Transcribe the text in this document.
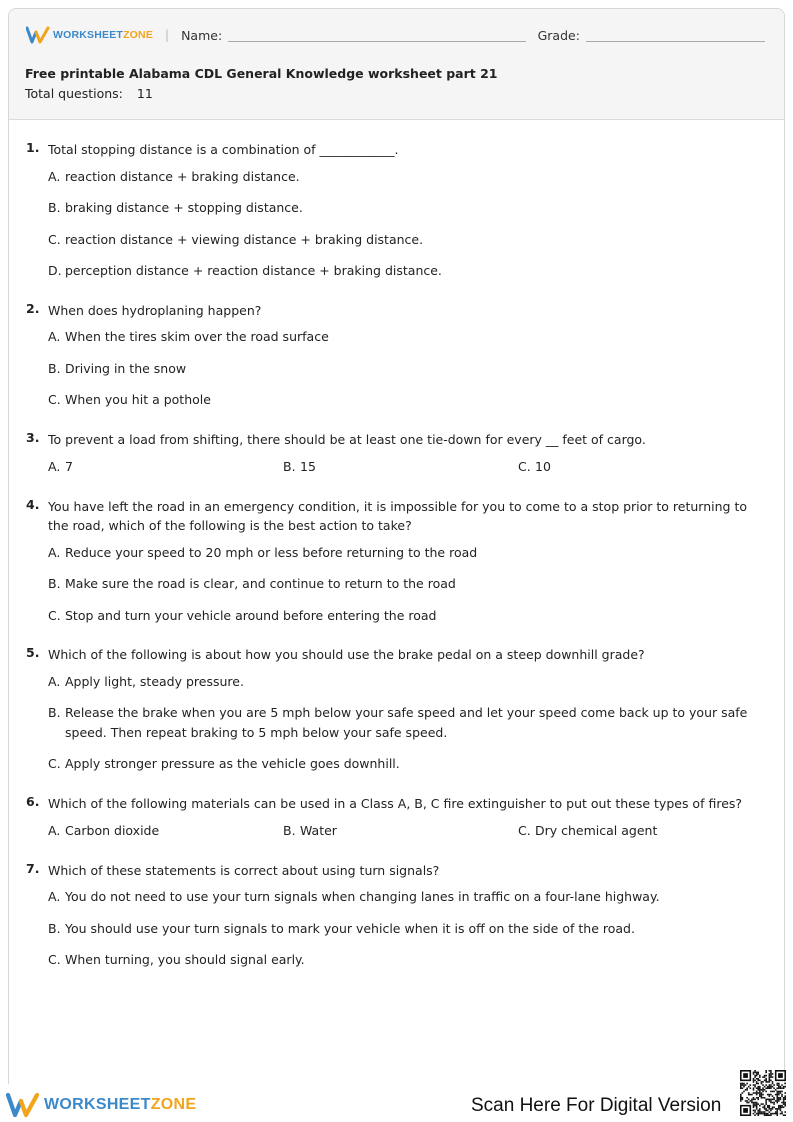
WORKSHEETZONE | Name:	Grade:
Free printable Alabama CDL General Knowledge worksheet part 21
Total questions: 11
1. Total stopping distance is a combination of ____________.
A. reaction distance + braking distance.
B. braking distance + stopping distance.
C. reaction distance + viewing distance + braking distance.
D. perception distance + reaction distance + braking distance.
2. When does hydroplaning happen?
A. When the tires skim over the road surface
B. Driving in the snow
C. When you hit a pothole
3. To prevent a load from shifting, there should be at least one tie-down for every __ feet of cargo.
A. 7	B. 15	C. 10
4. You have left the road in an emergency condition, it is impossible for you to come to a stop prior to returning to the road, which of the following is the best action to take?
A. Reduce your speed to 20 mph or less before returning to the road
B. Make sure the road is clear, and continue to return to the road
C. Stop and turn your vehicle around before entering the road
5. Which of the following is about how you should use the brake pedal on a steep downhill grade?
A. Apply light, steady pressure.
B. Release the brake when you are 5 mph below your safe speed and let your speed come back up to your safe speed. Then repeat braking to 5 mph below your safe speed.
C. Apply stronger pressure as the vehicle goes downhill.
6. Which of the following materials can be used in a Class A, B, C fire extinguisher to put out these types of fires?
A. Carbon dioxide	B. Water	C. Dry chemical agent
7. Which of these statements is correct about using turn signals?
A. You do not need to use your turn signals when changing lanes in traffic on a four-lane highway.
B. You should use your turn signals to mark your vehicle when it is off on the side of the road.
C. When turning, you should signal early.
WORKSHEETZONE	Scan Here For Digital Version
